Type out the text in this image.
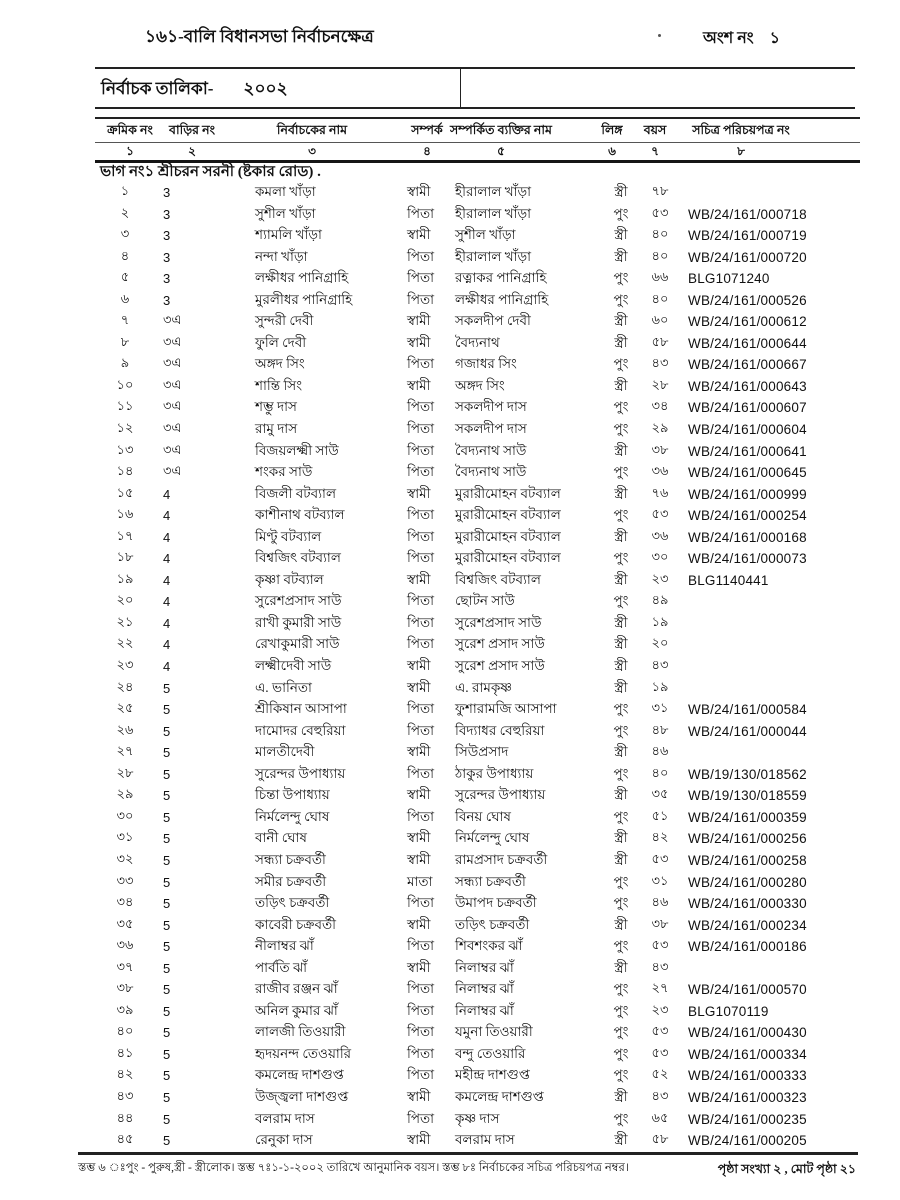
১৬১-বালি বিধানসভা নির্বাচনক্ষেত্র	অংশ নং ১
নির্বাচক তালিকা- ২০০২
ক্রমিক নং বাড়ির নং	নির্বাচকের নাম	সম্পর্ক সম্পর্কিত ব্যক্তির নাম	লিঙ্গ বয়স সচিত্র পরিচয়পত্র নং
১	২	৩	৪	৫	৬	৭	৮
ভাগ নং১ শ্রীচরন সরনী (ষ্টকার রোড) .
১	3	কমলা খাঁড়া	স্বামী	হীরালাল খাঁড়া	স্ত্রী	৭৮
২	3	সুশীল খাঁড়া	পিতা	হীরালাল খাঁড়া	পুং	৫৩	WB/24/161/000718
৩	3	শ্যামলি খাঁড়া	স্বামী	সুশীল খাঁড়া	স্ত্রী	৪০	WB/24/161/000719
৪	3	নন্দা খাঁড়া	পিতা	হীরালাল খাঁড়া	স্ত্রী	৪০	WB/24/161/000720
৫	3	লক্ষীধর পানিগ্রাহি	পিতা	রত্নাকর পানিগ্রাহি	পুং	৬৬	BLG1071240
৬	3	মুরলীধর পানিগ্রাহি	পিতা	লক্ষীধর পানিগ্রাহি	পুং	৪০	WB/24/161/000526
৭	৩এ	সুন্দরী দেবী	স্বামী	সকলদীপ দেবী	স্ত্রী	৬০	WB/24/161/000612
৮	৩এ	ফুলি দেবী	স্বামী	বৈদ্যনাথ	স্ত্রী	৫৮	WB/24/161/000644
৯	৩এ	অঙ্গদ সিং	পিতা	গজাধর সিং	পুং	৪৩	WB/24/161/000667
১০	৩এ	শান্তি সিং	স্বামী	অঙ্গদ সিং	স্ত্রী	২৮	WB/24/161/000643
১১	৩এ	শম্ভু দাস	পিতা	সকলদীপ দাস	পুং	৩৪	WB/24/161/000607
১২	৩এ	রামু দাস	পিতা	সকলদীপ দাস	পুং	২৯	WB/24/161/000604
১৩	৩এ	বিজয়লক্ষ্মী সাউ	পিতা	বৈদ্যনাথ সাউ	স্ত্রী	৩৮	WB/24/161/000641
১৪	৩এ	শংকর সাউ	পিতা	বৈদ্যনাথ সাউ	পুং	৩৬	WB/24/161/000645
১৫	4	বিজলী বটব্যাল	স্বামী	মুরারীমোহন বটব্যাল	স্ত্রী	৭৬	WB/24/161/000999
১৬	4	কাশীনাথ বটব্যাল	পিতা	মুরারীমোহন বটব্যাল	পুং	৫৩	WB/24/161/000254
১৭	4	মিণ্টু বটব্যাল	পিতা	মুরারীমোহন বটব্যাল	স্ত্রী	৩৬	WB/24/161/000168
১৮	4	বিশ্বজিৎ বটব্যাল	পিতা	মুরারীমোহন বটব্যাল	পুং	৩০	WB/24/161/000073
১৯	4	কৃষ্ণা বটব্যাল	স্বামী	বিশ্বজিৎ বটব্যাল	স্ত্রী	২৩	BLG1140441
২০	4	সুরেশপ্রসাদ সাউ	পিতা	ছোটন সাউ	পুং	৪৯
২১	4	রাখী কুমারী সাউ	পিতা	সুরেশপ্রসাদ সাউ	স্ত্রী	১৯
২২	4	রেখাকুমারী সাউ	পিতা	সুরেশ প্রসাদ সাউ	স্ত্রী	২০
২৩	4	লক্ষ্মীদেবী সাউ	স্বামী	সুরেশ প্রসাদ সাউ	স্ত্রী	৪৩
২৪	5	এ. ভানিতা	স্বামী	এ. রামকৃষ্ণ	স্ত্রী	১৯
২৫	5	শ্রীকিষান আসাপা	পিতা	ফুশারামজি আসাপা	পুং	৩১	WB/24/161/000584
২৬	5	দামোদর বেহুরিয়া	পিতা	বিদ্যাধর বেহুরিয়া	পুং	৪৮	WB/24/161/000044
২৭	5	মালতীদেবী	স্বামী	সিউপ্রসাদ	স্ত্রী	৪৬
২৮	5	সুরেন্দর উপাধ্যায়	পিতা	ঠাকুর উপাধ্যায়	পুং	৪০	WB/19/130/018562
২৯	5	চিন্তা উপাধ্যায়	স্বামী	সুরেন্দর উপাধ্যায়	স্ত্রী	৩৫	WB/19/130/018559
৩০	5	নির্মলেন্দু ঘোষ	পিতা	বিনয় ঘোষ	পুং	৫১	WB/24/161/000359
৩১	5	বানী ঘোষ	স্বামী	নির্মলেন্দু ঘোষ	স্ত্রী	৪২	WB/24/161/000256
৩২	5	সন্ধ্যা চক্রবর্তী	স্বামী	রামপ্রসাদ চক্রবর্তী	স্ত্রী	৫৩	WB/24/161/000258
৩৩	5	সমীর চক্রবর্তী	মাতা	সন্ধ্যা চক্রবর্তী	পুং	৩১	WB/24/161/000280
৩৪	5	তড়িৎ চক্রবর্তী	পিতা	উমাপদ চক্রবর্তী	পুং	৪৬	WB/24/161/000330
৩৫	5	কাবেরী চক্রবর্তী	স্বামী	তড়িৎ চক্রবর্তী	স্ত্রী	৩৮	WB/24/161/000234
৩৬	5	নীলাম্বর ঝাঁ	পিতা	শিবশংকর ঝাঁ	পুং	৫৩	WB/24/161/000186
৩৭	5	পার্বতি ঝাঁ	স্বামী	নিলাম্বর ঝাঁ	স্ত্রী	৪৩
৩৮	5	রাজীব রঞ্জন ঝাঁ	পিতা	নিলাম্বর ঝাঁ	পুং	২৭	WB/24/161/000570
৩৯	5	অনিল কুমার ঝাঁ	পিতা	নিলাম্বর ঝাঁ	পুং	২৩	BLG1070119
৪০	5	লালজী তিওয়ারী	পিতা	যমুনা তিওয়ারী	পুং	৫৩	WB/24/161/000430
৪১	5	হৃদয়নন্দ তেওয়ারি	পিতা	বন্দু তেওয়ারি	পুং	৫৩	WB/24/161/000334
৪২	5	কমলেন্দ্র দাশগুপ্ত	পিতা	মহীন্দ্র দাশগুপ্ত	পুং	৫২	WB/24/161/000333
৪৩	5	উজ্জ্বলা দাশগুপ্ত	স্বামী	কমলেন্দ্র দাশগুপ্ত	স্ত্রী	৪৩	WB/24/161/000323
৪৪	5	বলরাম দাস	পিতা	কৃষ্ণ দাস	পুং	৬৫	WB/24/161/000235
৪৫	5	রেনুকা দাস	স্বামী	বলরাম দাস	স্ত্রী	৫৮	WB/24/161/000205
স্তম্ভ ৬ ঃপুং - পুরুষ,স্ত্রী - স্ত্রীলোক। স্তম্ভ ৭ঃ১-১-২০০২ তারিখে আনুমানিক বয়স। স্তম্ভ ৮ঃ নির্বাচকের সচিত্র পরিচয়পত্র নম্বর।	পৃষ্ঠা সংখ্যা ২ , মোট পৃষ্ঠা ২১
